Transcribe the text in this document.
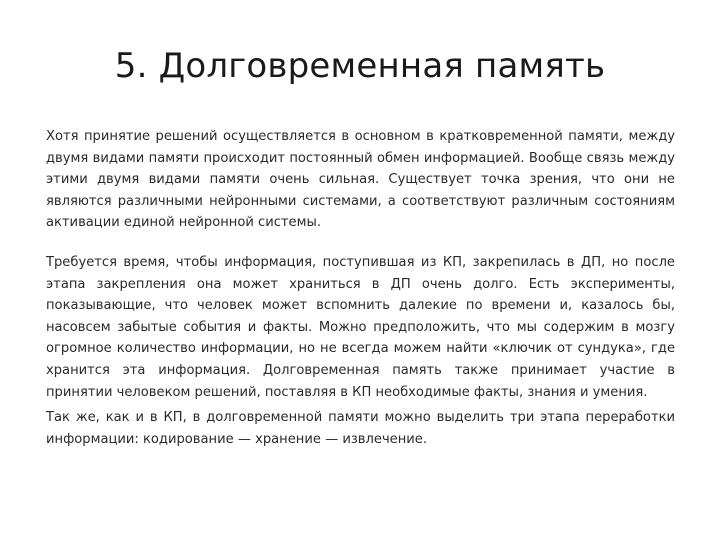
5. Долговременная память

Хотя принятие решений осуществляется в основном в кратковременной памяти, между двумя видами памяти происходит постоянный обмен информацией. Вообще связь между этими двумя видами памяти очень сильная. Существует точка зрения, что они не являются различными нейронными системами, а соответствуют различным состояниям активации единой нейронной системы.

Требуется время, чтобы информация, поступившая из КП, закрепилась в ДП, но после этапа закрепления она может храниться в ДП очень долго. Есть эксперименты, показывающие, что человек может вспомнить далекие по времени и, казалось бы, насовсем забытые события и факты. Можно предположить, что мы содержим в мозгу огромное количество информации, но не всегда можем найти «ключик от сундука», где хранится эта информация. Долговременная память также принимает участие в принятии человеком решений, поставляя в КП необходимые факты, знания и умения.

Так же, как и в КП, в долговременной памяти можно выделить три этапа переработки информации: кодирование — хранение — извлечение.
